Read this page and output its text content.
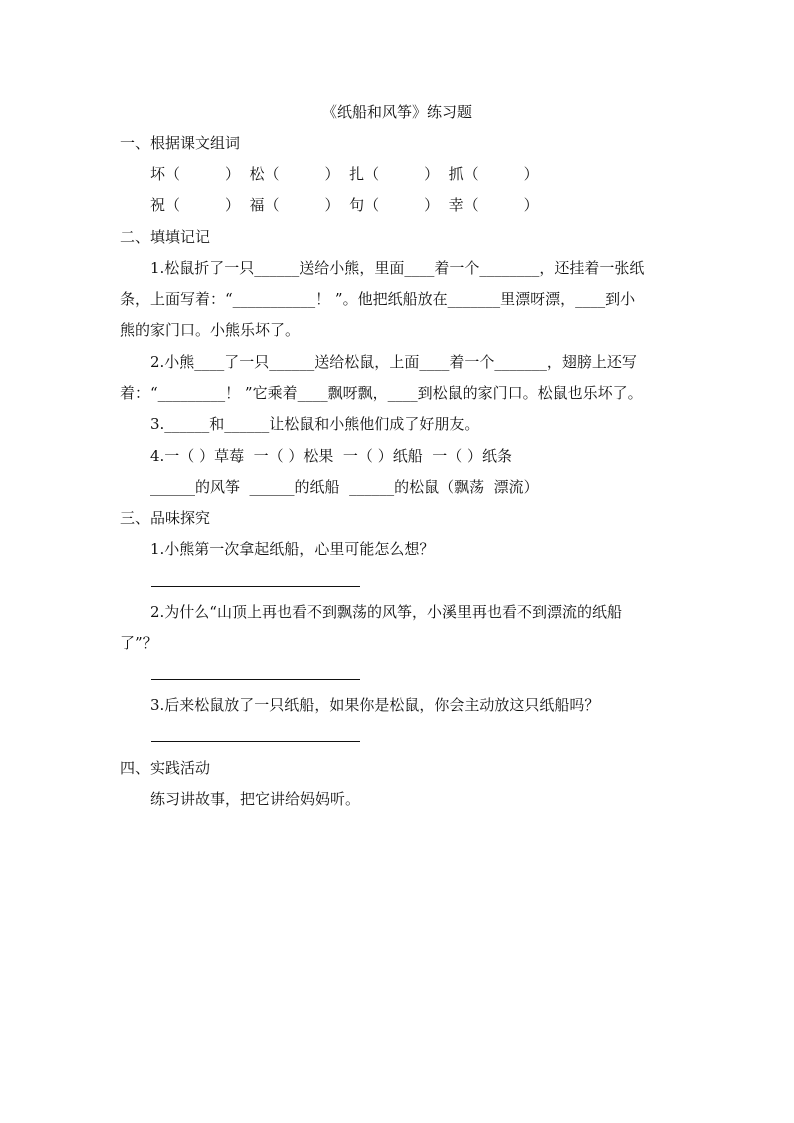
《纸船和风筝》练习题
一、根据课文组词
坏（　　　）  松（　　　）  扎（　　　）  抓（　　　）
祝（　　　）  福（　　　）  句（　　　）  幸（　　　）
二、填填记记
1.松鼠折了一只______送给小熊，里面____着一个________，还挂着一张纸
条，上面写着：“___________！ ”。他把纸船放在_______里漂呀漂，____到小
熊的家门口。小熊乐坏了。
2.小熊____了一只______送给松鼠，上面____着一个_______，翅膀上还写
着：“_________！ ”它乘着____飘呀飘，____到松鼠的家门口。松鼠也乐坏了。
3.______和______让松鼠和小熊他们成了好朋友。
4.一（ ）草莓  一（ ）松果  一（ ）纸船  一（ ）纸条
______的风筝  ______的纸船  ______的松鼠（飘荡  漂流）
三、品味探究
1.小熊第一次拿起纸船，心里可能怎么想？
2.为什么“山顶上再也看不到飘荡的风筝，小溪里再也看不到漂流的纸船
了”？
3.后来松鼠放了一只纸船，如果你是松鼠，你会主动放这只纸船吗？
四、实践活动
练习讲故事，把它讲给妈妈听。
